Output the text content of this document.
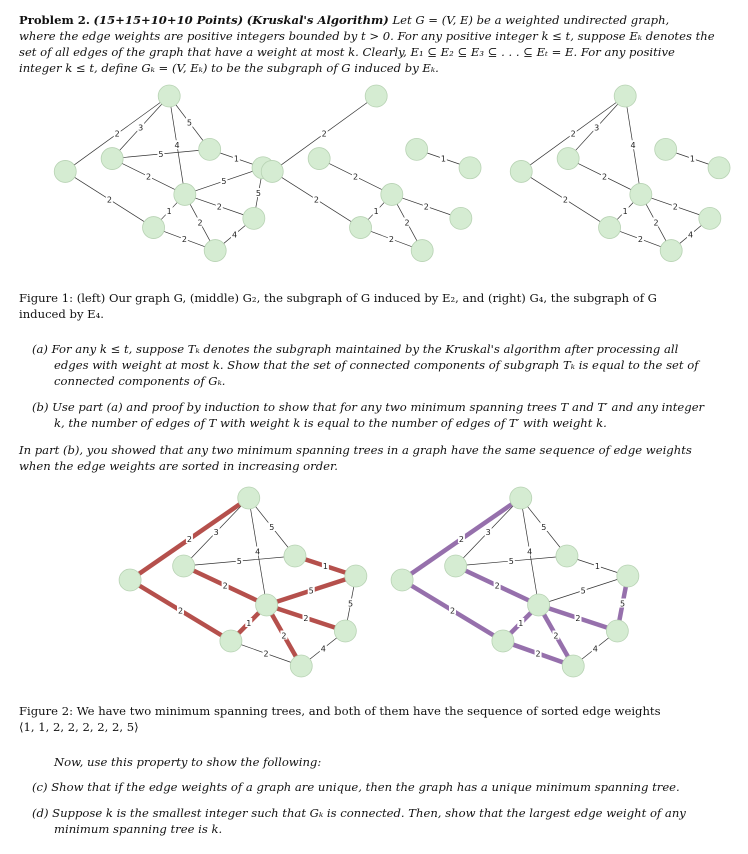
Problem 2. (15+15+10+10 Points) (Kruskal's Algorithm) Let G = (V, E) be a weighted undirected graph,
where the edge weights are positive integers bounded by t > 0. For any positive integer k ≤ t, suppose Eₖ denotes the
set of all edges of the graph that have a weight at most k. Clearly, E₁ ⊆ E₂ ⊆ E₃ ⊆ . . . ⊆ Eₜ = E. For any positive
integer k ≤ t, define Gₖ = (V, Eₖ) to be the subgraph of G induced by Eₖ.
5
3
2
4
5
1
2
5
5
2
1
2
2
2
4
2
1
2
2
1
2
2
2
3
2
4
1
2
2
1
2
2
2
4
5
3
2
4
5
1
2
5
5
2
1
2
2
2
4
5
3
2
4
5
1
2
5
5
2
1
2
2
2
4
Figure 1: (left) Our graph G, (middle) G₂, the subgraph of G induced by E₂, and (right) G₄, the subgraph of G
induced by E₄.
(a) For any k ≤ t, suppose Tₖ denotes the subgraph maintained by the Kruskal's algorithm after processing all
edges with weight at most k. Show that the set of connected components of subgraph Tₖ is equal to the set of
connected components of Gₖ.
(b) Use part (a) and proof by induction to show that for any two minimum spanning trees T and T′ and any integer
k, the number of edges of T with weight k is equal to the number of edges of T′ with weight k.
In part (b), you showed that any two minimum spanning trees in a graph have the same sequence of edge weights
when the edge weights are sorted in increasing order.
Figure 2: We have two minimum spanning trees, and both of them have the sequence of sorted edge weights
⟨1, 1, 2, 2, 2, 2, 2, 5⟩
Now, use this property to show the following:
(c) Show that if the edge weights of a graph are unique, then the graph has a unique minimum spanning tree.
(d) Suppose k is the smallest integer such that Gₖ is connected. Then, show that the largest edge weight of any
minimum spanning tree is k.
